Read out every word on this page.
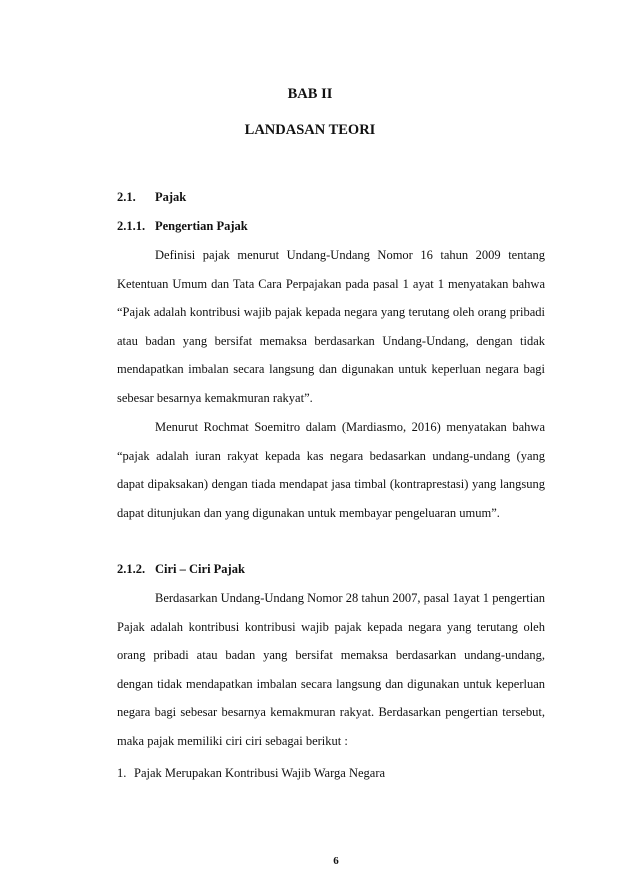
BAB II
LANDASAN TEORI
2.1. Pajak
2.1.1. Pengertian Pajak
Definisi pajak menurut Undang-Undang Nomor 16 tahun 2009 tentang Ketentuan Umum dan Tata Cara Perpajakan pada pasal 1 ayat 1 menyatakan bahwa “Pajak adalah kontribusi wajib pajak kepada negara yang terutang oleh orang pribadi atau badan yang bersifat memaksa berdasarkan Undang-Undang, dengan tidak mendapatkan imbalan secara langsung dan digunakan untuk keperluan negara bagi sebesar besarnya kemakmuran rakyat”.
Menurut Rochmat Soemitro dalam (Mardiasmo, 2016) menyatakan bahwa “pajak adalah iuran rakyat kepada kas negara bedasarkan undang-undang (yang dapat dipaksakan) dengan tiada mendapat jasa timbal (kontraprestasi) yang langsung dapat ditunjukan dan yang digunakan untuk membayar pengeluaran umum”.
2.1.2. Ciri – Ciri Pajak
Berdasarkan Undang-Undang Nomor 28 tahun 2007, pasal 1ayat 1 pengertian Pajak adalah kontribusi kontribusi wajib pajak kepada negara yang terutang oleh orang pribadi atau badan yang bersifat memaksa berdasarkan undang-undang, dengan tidak mendapatkan imbalan secara langsung dan digunakan untuk keperluan negara bagi sebesar besarnya kemakmuran rakyat. Berdasarkan pengertian tersebut, maka pajak memiliki ciri ciri sebagai berikut :
1. Pajak Merupakan Kontribusi Wajib Warga Negara
6
